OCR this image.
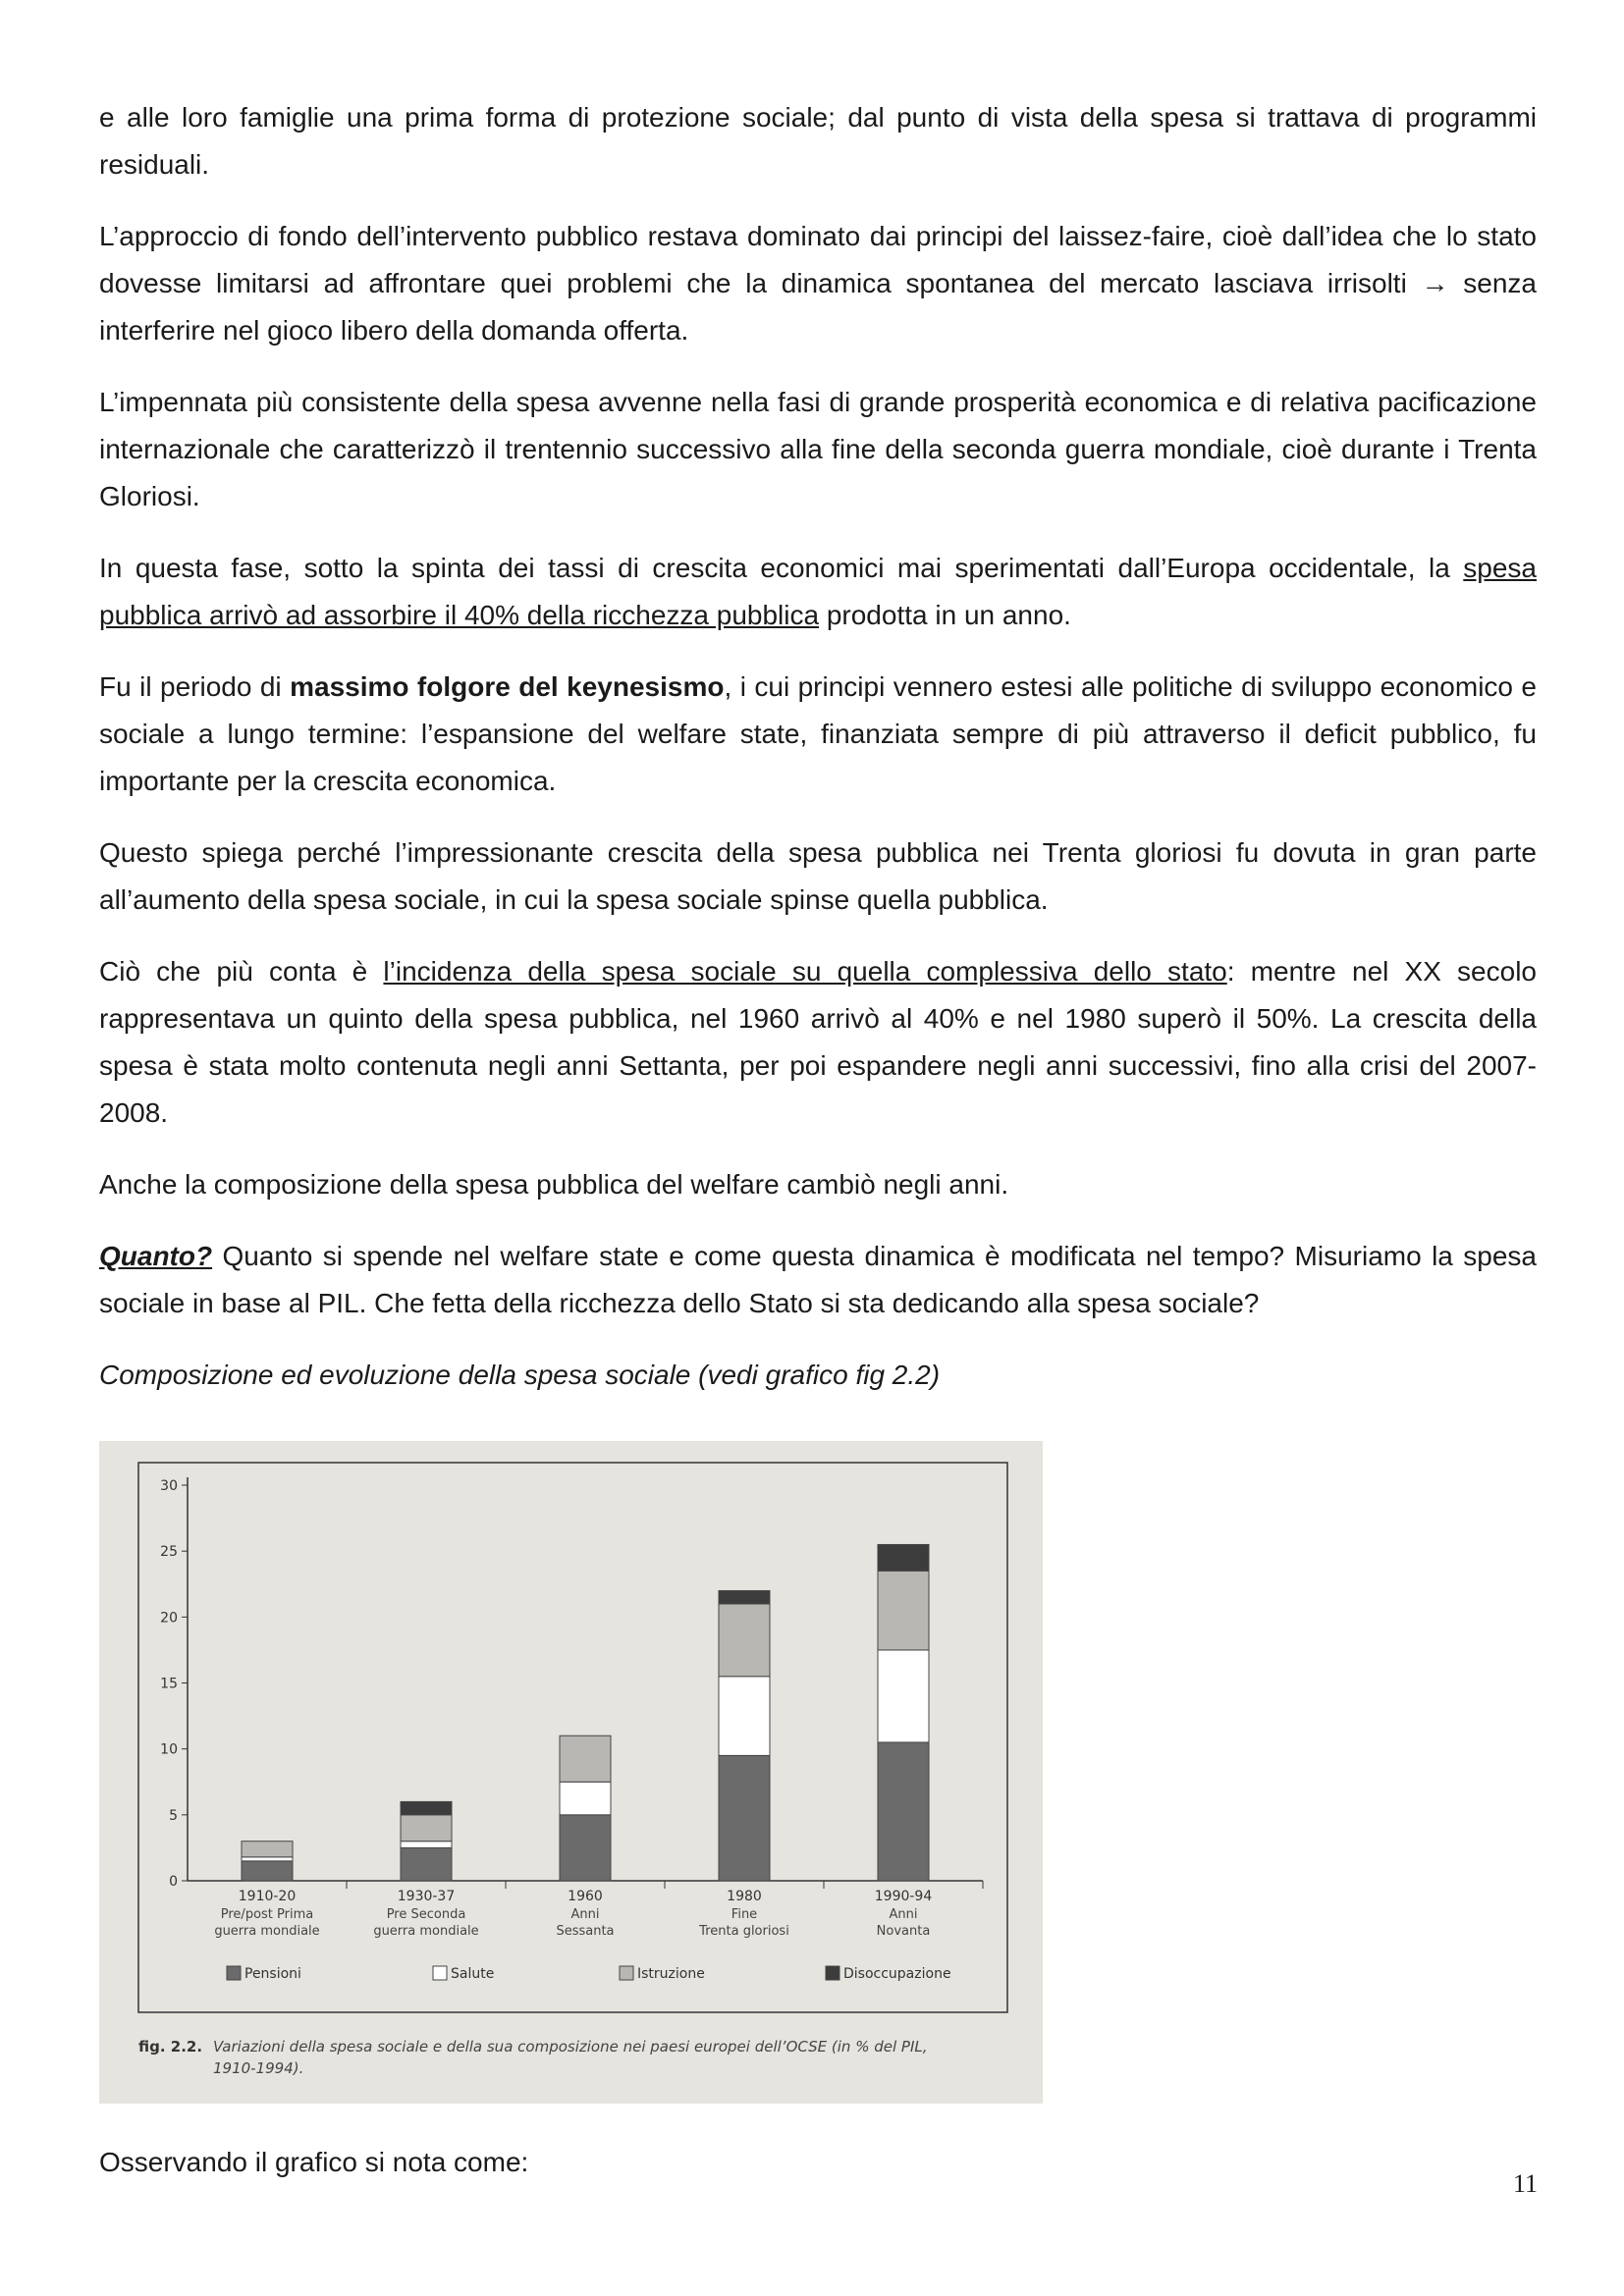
e alle loro famiglie una prima forma di protezione sociale; dal punto di vista della spesa si trattava di programmi residuali.

L’approccio di fondo dell’intervento pubblico restava dominato dai principi del laissez-faire, cioè dall’idea che lo stato dovesse limitarsi ad affrontare quei problemi che la dinamica spontanea del mercato lasciava irrisolti → senza interferire nel gioco libero della domanda offerta.

L’impennata più consistente della spesa avvenne nella fasi di grande prosperità economica e di relativa pacificazione internazionale che caratterizzò il trentennio successivo alla fine della seconda guerra mondiale, cioè durante i Trenta Gloriosi.

In questa fase, sotto la spinta dei tassi di crescita economici mai sperimentati dall’Europa occidentale, la spesa pubblica arrivò ad assorbire il 40% della ricchezza pubblica prodotta in un anno.

Fu il periodo di massimo folgore del keynesismo, i cui principi vennero estesi alle politiche di sviluppo economico e sociale a lungo termine: l’espansione del welfare state, finanziata sempre di più attraverso il deficit pubblico, fu importante per la crescita economica.

Questo spiega perché l’impressionante crescita della spesa pubblica nei Trenta gloriosi fu dovuta in gran parte all’aumento della spesa sociale, in cui la spesa sociale spinse quella pubblica.

Ciò che più conta è l’incidenza della spesa sociale su quella complessiva dello stato: mentre nel XX secolo rappresentava un quinto della spesa pubblica, nel 1960 arrivò al 40% e nel 1980 superò il 50%. La crescita della spesa è stata molto contenuta negli anni Settanta, per poi espandere negli anni successivi, fino alla crisi del 2007-2008.

Anche la composizione della spesa pubblica del welfare cambiò negli anni.

Quanto? Quanto si spende nel welfare state e come questa dinamica è modificata nel tempo? Misuriamo la spesa sociale in base al PIL. Che fetta della ricchezza dello Stato si sta dedicando alla spesa sociale?

Composizione ed evoluzione della spesa sociale (vedi grafico fig 2.2)

0
5
10
15
20
25
30
1910-20
Pre/post Prima
guerra mondiale
1930-37
Pre Seconda
guerra mondiale
1960
Anni
Sessanta
1980
Fine
Trenta gloriosi
1990-94
Anni
Novanta
Pensioni	Salute	Istruzione	Disoccupazione
fig. 2.2. Variazioni della spesa sociale e della sua composizione nei paesi europei dell’OCSE (in % del PIL,
1910-1994).
Osservando il grafico si nota come:
11
